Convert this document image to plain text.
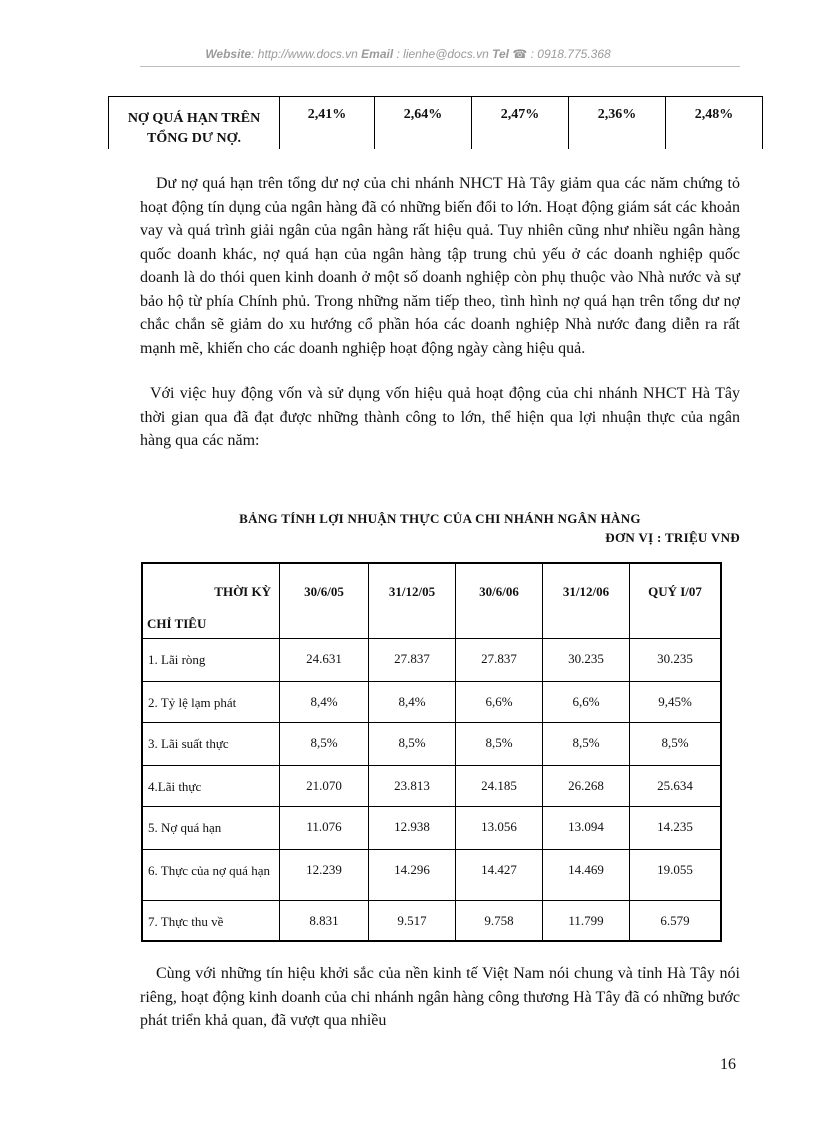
Website: http://www.docs.vn Email : lienhe@docs.vn Tel ☎ : 0918.775.368
NỢ QUÁ HẠN TRÊN
TỔNG DƯ NỢ.	2,41%	2,64%	2,47%	2,36%	2,48%

Dư nợ quá hạn trên tổng dư nợ của chi nhánh NHCT Hà Tây giảm qua các năm chứng tỏ hoạt động tín dụng của ngân hàng đã có những biến đổi to lớn. Hoạt động giám sát các khoản vay và quá trình giải ngân của ngân hàng rất hiệu quả. Tuy nhiên cũng như nhiều ngân hàng quốc doanh khác, nợ quá hạn của ngân hàng tập trung chủ yếu ở các doanh nghiệp quốc doanh là do thói quen kinh doanh ở một số doanh nghiệp còn phụ thuộc vào Nhà nước và sự bảo hộ từ phía Chính phủ. Trong những năm tiếp theo, tình hình nợ quá hạn trên tổng dư nợ chắc chắn sẽ giảm do xu hướng cổ phần hóa các doanh nghiệp Nhà nước đang diễn ra rất mạnh mẽ, khiến cho các doanh nghiệp hoạt động ngày càng hiệu quả.

Với việc huy động vốn và sử dụng vốn hiệu quả hoạt động của chi nhánh NHCT Hà Tây thời gian qua đã đạt được những thành công to lớn, thể hiện qua lợi nhuận thực của ngân hàng qua các năm:

BẢNG TÍNH LỢI NHUẬN THỰC CỦA CHI NHÁNH NGÂN HÀNG
ĐƠN VỊ : TRIỆU VNĐ
THỜI KỲ
CHỈ TIÊU	30/6/05	31/12/05	30/6/06	31/12/06	QUÝ I/07

1. Lãi ròng	24.631	27.837	27.837	30.235	30.235
2. Tỷ lệ lạm phát	8,4%	8,4%	6,6%	6,6%	9,45%
3. Lãi suất thực	8,5%	8,5%	8,5%	8,5%	8,5%
4.Lãi thực	21.070	23.813	24.185	26.268	25.634
5. Nợ quá hạn	11.076	12.938	13.056	13.094	14.235
6. Thực của nợ quá hạn	12.239	14.296	14.427	14.469	19.055
7. Thực thu về	8.831	9.517	9.758	11.799	6.579

Cùng với những tín hiệu khởi sắc của nền kinh tế Việt Nam nói chung và tỉnh Hà Tây nói riêng, hoạt động kinh doanh của chi nhánh ngân hàng công thương Hà Tây đã có những bước phát triển khả quan, đã vượt qua nhiều

16
